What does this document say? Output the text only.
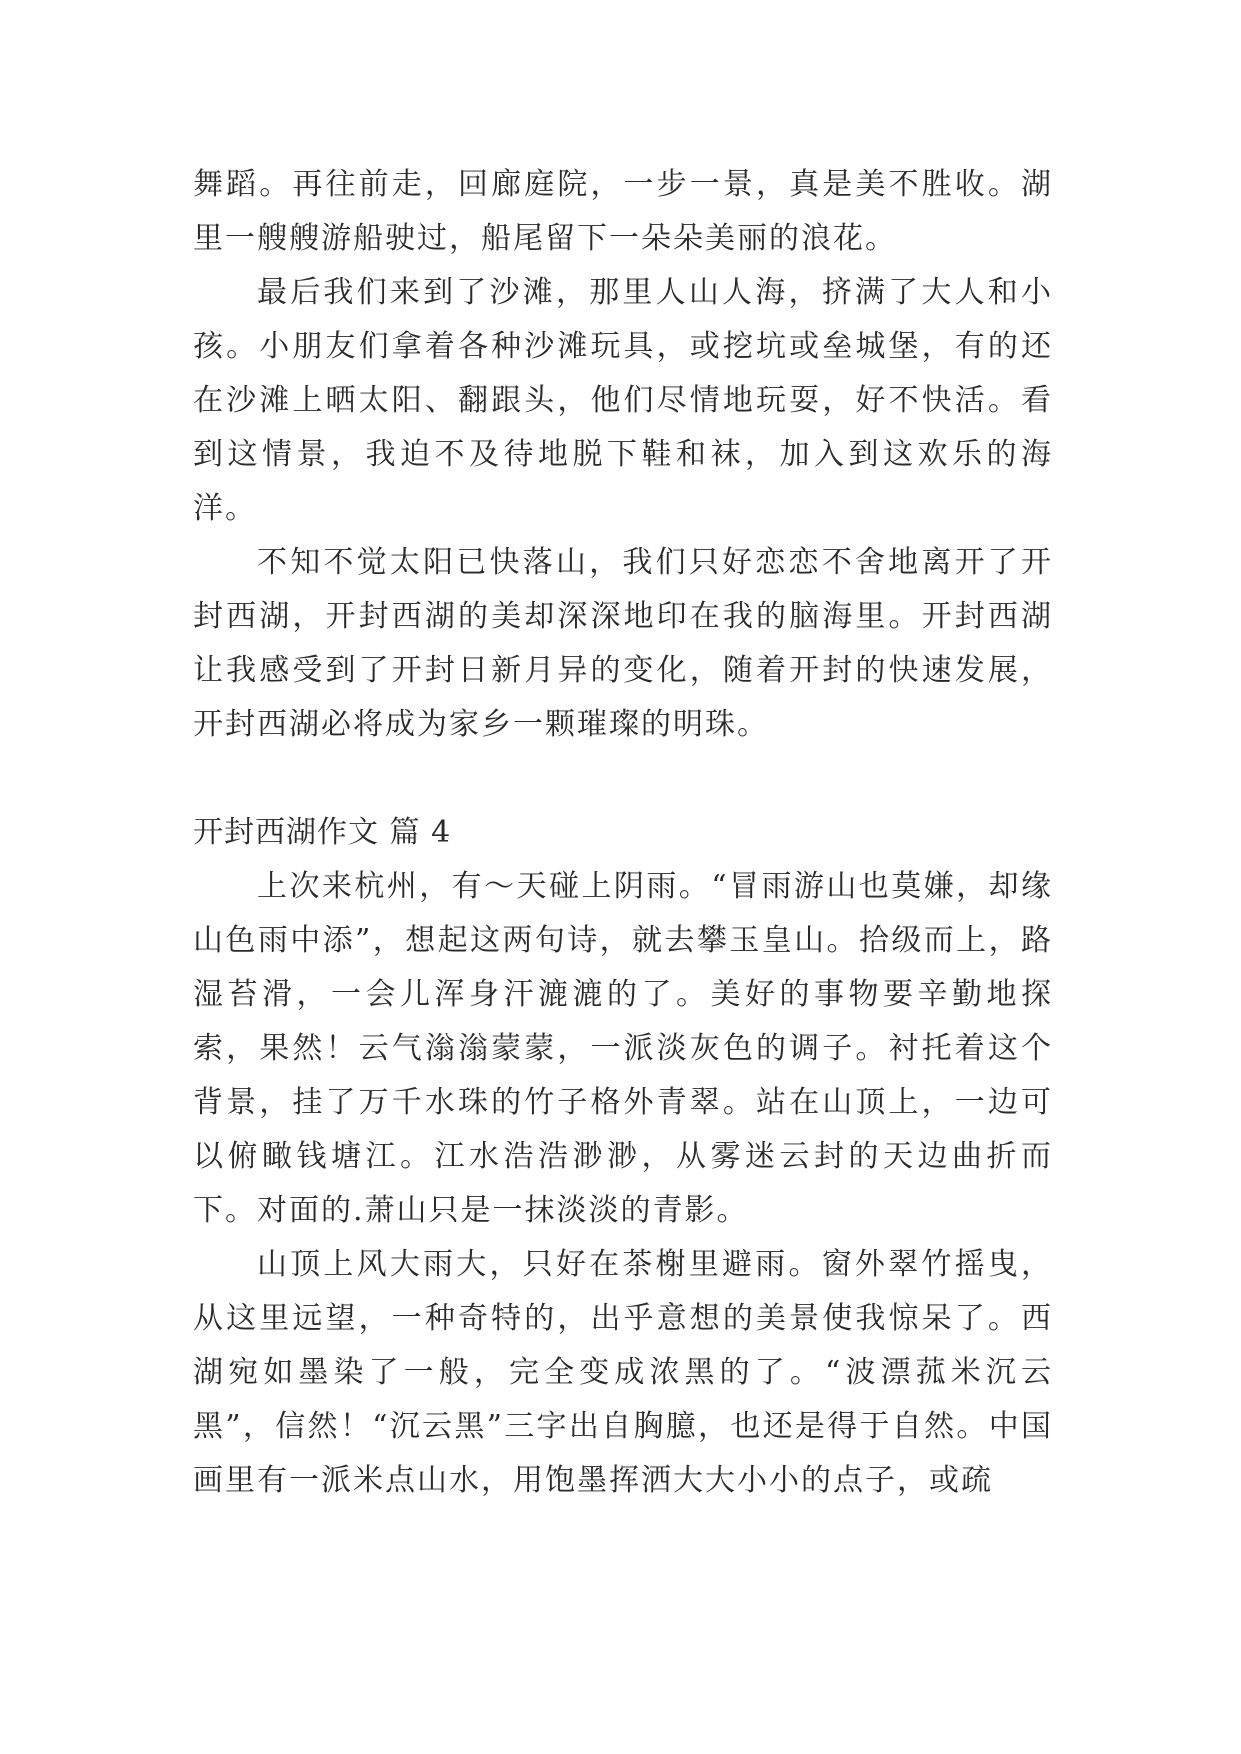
舞蹈。再往前走，回廊庭院，一步一景，真是美不胜收。湖里一艘艘游船驶过，船尾留下一朵朵美丽的浪花。

最后我们来到了沙滩，那里人山人海，挤满了大人和小孩。小朋友们拿着各种沙滩玩具，或挖坑或垒城堡，有的还在沙滩上晒太阳、翻跟头，他们尽情地玩耍，好不快活。看到这情景，我迫不及待地脱下鞋和袜，加入到这欢乐的海洋。

不知不觉太阳已快落山，我们只好恋恋不舍地离开了开封西湖，开封西湖的美却深深地印在我的脑海里。开封西湖让我感受到了开封日新月异的变化，随着开封的快速发展，开封西湖必将成为家乡一颗璀璨的明珠。

开封西湖作文 篇 4

上次来杭州，有～天碰上阴雨。“冒雨游山也莫嫌，却缘山色雨中添”，想起这两句诗，就去攀玉皇山。拾级而上，路湿苔滑，一会儿浑身汗漉漉的了。美好的事物要辛勤地探索，果然！云气滃滃蒙蒙，一派淡灰色的调子。衬托着这个背景，挂了万千水珠的竹子格外青翠。站在山顶上，一边可以俯瞰钱塘江。江水浩浩渺渺，从雾迷云封的天边曲折而下。对面的.萧山只是一抹淡淡的青影。

山顶上风大雨大，只好在茶榭里避雨。窗外翠竹摇曳，从这里远望，一种奇特的，出乎意想的美景使我惊呆了。西湖宛如墨染了一般，完全变成浓黑的了。“波漂菰米沉云黑”，信然！“沉云黑”三字出自胸臆，也还是得于自然。中国画里有一派米点山水，用饱墨挥洒大大小小的点子，或疏
